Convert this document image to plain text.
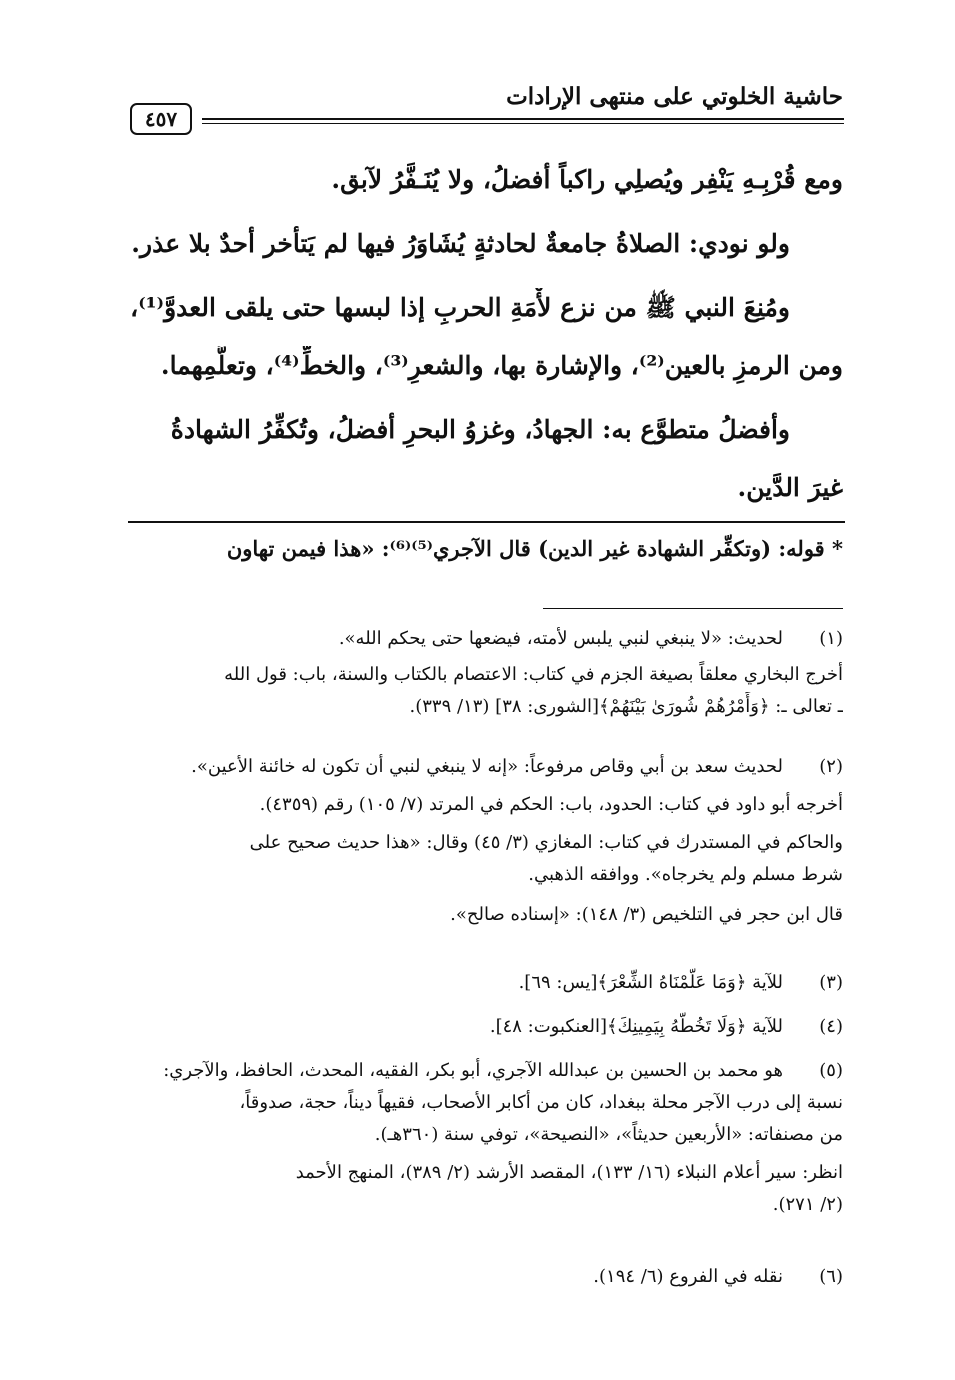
حاشية الخلوتي على منتهى الإرادات
٤٥٧
ومع قُرْبِـهِ يَنْفِر ويُصلِي راكباً أفضلُ، ولا يُنَـفَّرُ لآبق.
ولو نودي: الصلاةُ جامعةٌ لحادثةٍ يُشَاوَرُ فيها لم يَتأخر أحدٌ بلا عذر.
ومُنِعَ النبي ﷺ من نزع لأْمَةِ الحربِ إذا لبسها حتى يلقى العدوَّ⁽¹⁾،
ومن الرمزِ بالعين⁽²⁾، والإشارة بها، والشعرِ⁽³⁾، والخطِّ⁽⁴⁾، وتعلُّمِهما.
وأفضلُ متطوَّع به: الجهادُ، وغزوُ البحرِ أفضلُ، وتُكفِّرُ الشهادةُ
غيرَ الدَّين.
* قوله: (وتكفِّر الشهادة غير الدين) قال الآجري⁽⁵⁾⁽⁶⁾: «هذا فيمن تهاون
(١)
لحديث: «لا ينبغي لنبي يلبس لأمته، فيضعها حتى يحكم الله».
أخرج البخاري معلقاً بصيغة الجزم في كتاب: الاعتصام بالكتاب والسنة، باب: قول الله
ـ تعالى ـ: ﴿وَأَمْرُهُمْ شُورَىٰ بَيْنَهُمْ﴾[الشورى: ٣٨] (١٣/ ٣٣٩).
(٢)
لحديث سعد بن أبي وقاص مرفوعاً: «إنه لا ينبغي لنبي أن تكون له خائنة الأعين».
أخرجه أبو داود في كتاب: الحدود، باب: الحكم في المرتد (٧/ ١٠٥) رقم (٤٣٥٩).
والحاكم في المستدرك في كتاب: المغازي (٣/ ٤٥) وقال: «هذا حديث صحيح على
شرط مسلم ولم يخرجاه». ووافقه الذهبي.
قال ابن حجر في التلخيص (٣/ ١٤٨): «إسناده صالح».
(٣)
للآية ﴿وَمَا عَلَّمْنَاهُ الشِّعْرَ﴾[يس: ٦٩].
(٤)
للآية ﴿وَلَا تَخُطُّهُ بِيَمِينِكَ﴾[العنكبوت: ٤٨].
(٥)
هو محمد بن الحسين بن عبدالله الآجري، أبو بكر، الفقيه، المحدث، الحافظ، والآجري:
نسبة إلى درب الآجر محلة ببغداد، كان من أكابر الأصحاب، فقيهاً ديناً، حجة، صدوقاً،
من مصنفاته: «الأربعين حديثاً»، «النصيحة»، توفي سنة (٣٦٠هـ).
انظر: سير أعلام النبلاء (١٦/ ١٣٣)، المقصد الأرشد (٢/ ٣٨٩)، المنهج الأحمد
(٢/ ٢٧١).
(٦)
نقله في الفروع (٦/ ١٩٤).
